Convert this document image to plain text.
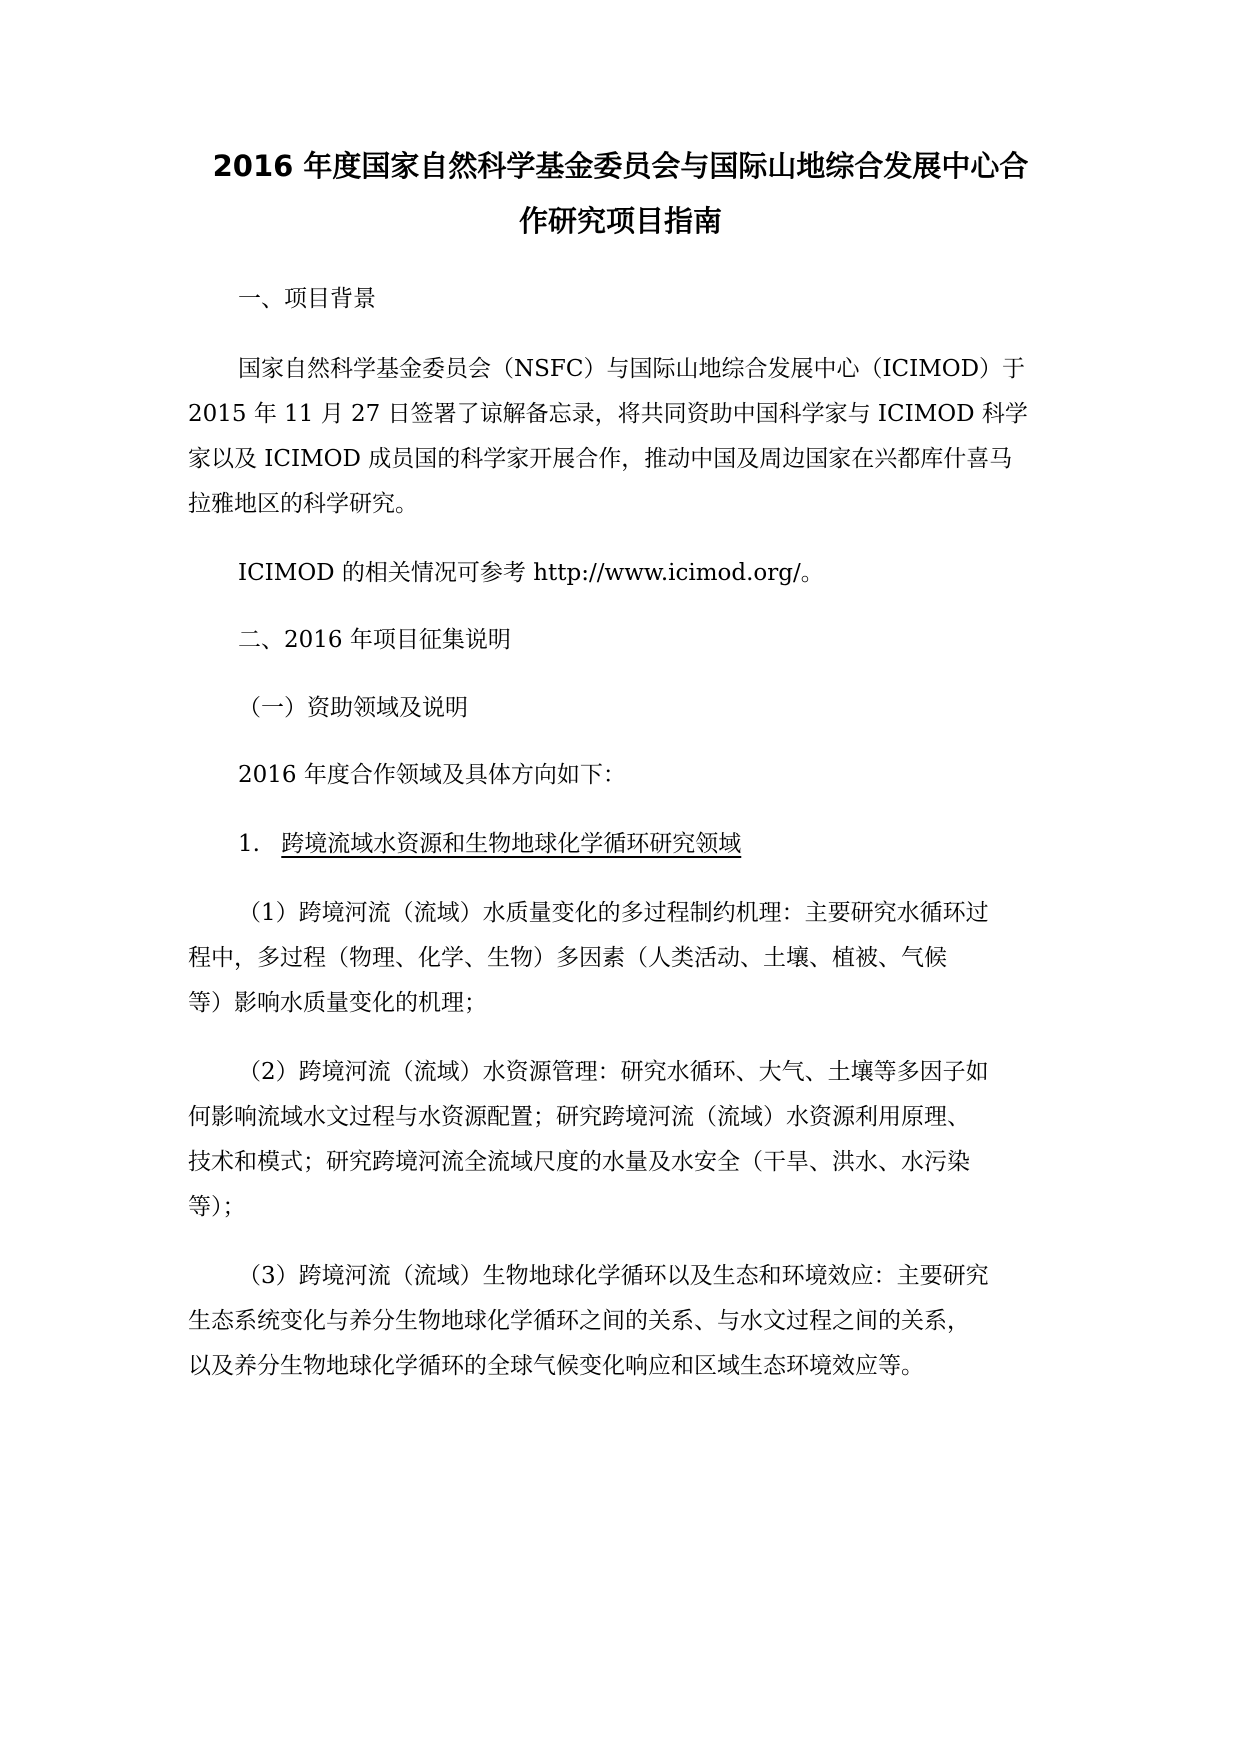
2016 年度国家自然科学基金委员会与国际山地综合发展中心合
作研究项目指南
一、项目背景
国家自然科学基金委员会（NSFC）与国际山地综合发展中心（ICIMOD）于
2015 年 11 月 27 日签署了谅解备忘录，将共同资助中国科学家与 ICIMOD 科学
家以及 ICIMOD 成员国的科学家开展合作，推动中国及周边国家在兴都库什喜马
拉雅地区的科学研究。
ICIMOD 的相关情况可参考 http://www.icimod.org/。
二、2016 年项目征集说明
（一）资助领域及说明
2016 年度合作领域及具体方向如下：
1. 跨境流域水资源和生物地球化学循环研究领域
（1）跨境河流（流域）水质量变化的多过程制约机理：主要研究水循环过
程中，多过程（物理、化学、生物）多因素（人类活动、土壤、植被、气候
等）影响水质量变化的机理；
（2）跨境河流（流域）水资源管理：研究水循环、大气、土壤等多因子如
何影响流域水文过程与水资源配置；研究跨境河流（流域）水资源利用原理、
技术和模式；研究跨境河流全流域尺度的水量及水安全（干旱、洪水、水污染
等）；
（3）跨境河流（流域）生物地球化学循环以及生态和环境效应：主要研究
生态系统变化与养分生物地球化学循环之间的关系、与水文过程之间的关系，
以及养分生物地球化学循环的全球气候变化响应和区域生态环境效应等。
